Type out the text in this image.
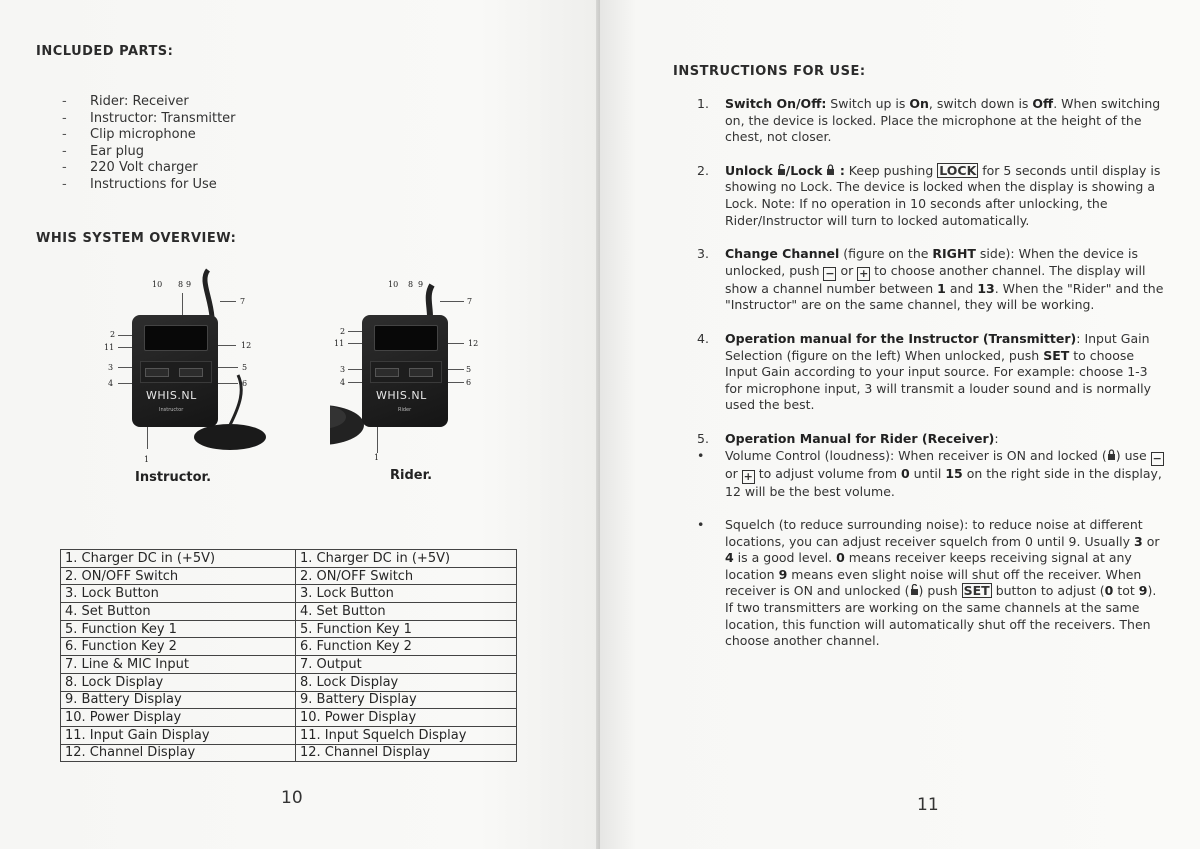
INCLUDED PARTS:
- Rider: Receiver
- Instructor: Transmitter
- Clip microphone
- Ear plug
- 220 Volt charger
- Instructions for Use
WHIS SYSTEM OVERVIEW:
WHIS.NL
Instructor
10 8 9
7
2
11	12
3
4
5
6
1
Instructor.
WHIS.NL
Rider
10 8 9
7
2
11	12
3
4
5
6
1
Rider.
1. Charger DC in (+5V)	1. Charger DC in (+5V)
2. ON/OFF Switch	2. ON/OFF Switch
3. Lock Button	3. Lock Button
4. Set Button	4. Set Button
5. Function Key 1	5. Function Key 1
6. Function Key 2	6. Function Key 2
7. Line & MIC Input	7. Output
8. Lock Display	8. Lock Display
9. Battery Display	9. Battery Display
10. Power Display	10. Power Display
11. Input Gain Display	11. Input Squelch Display
12. Channel Display	12. Channel Display
10
INSTRUCTIONS FOR USE:
11
1. Switch On/Off: Switch up is On, switch down is Off. When switching on, the device is locked. Place the microphone at the height of the chest, not closer.
2. Unlock /Lock  : Keep pushing LOCK for 5 seconds until display is showing no Lock. The device is locked when the display is showing a Lock. Note: If no operation in 10 seconds after unlocking, the Rider/Instructor will turn to locked automatically.
3. Change Channel (figure on the RIGHT side): When the device is unlocked, push − or + to choose another channel. The display will show a channel number between 1 and 13. When the "Rider" and the "Instructor" are on the same channel, they will be working.
4. Operation manual for the Instructor (Transmitter): Input Gain Selection (figure on the left) When unlocked, push SET to choose Input Gain according to your input source. For example: choose 1-3 for microphone input, 3 will transmit a louder sound and is normally used the best.
5. Operation Manual for Rider (Receiver):
• Volume Control (loudness): When receiver is ON and locked ( ) use − or + to adjust volume from 0 until 15 on the right side in the display, 12 will be the best volume.
• Squelch (to reduce surrounding noise): to reduce noise at different locations, you can adjust receiver squelch from 0 until 9. Usually 3 or 4 is a good level. 0 means receiver keeps receiving signal at any location 9 means even slight noise will shut off the receiver. When receiver is ON and unlocked ( ) push SET button to adjust (0 tot 9). If two transmitters are working on the same channels at the same location, this function will automatically shut off the receivers. Then choose another channel.
